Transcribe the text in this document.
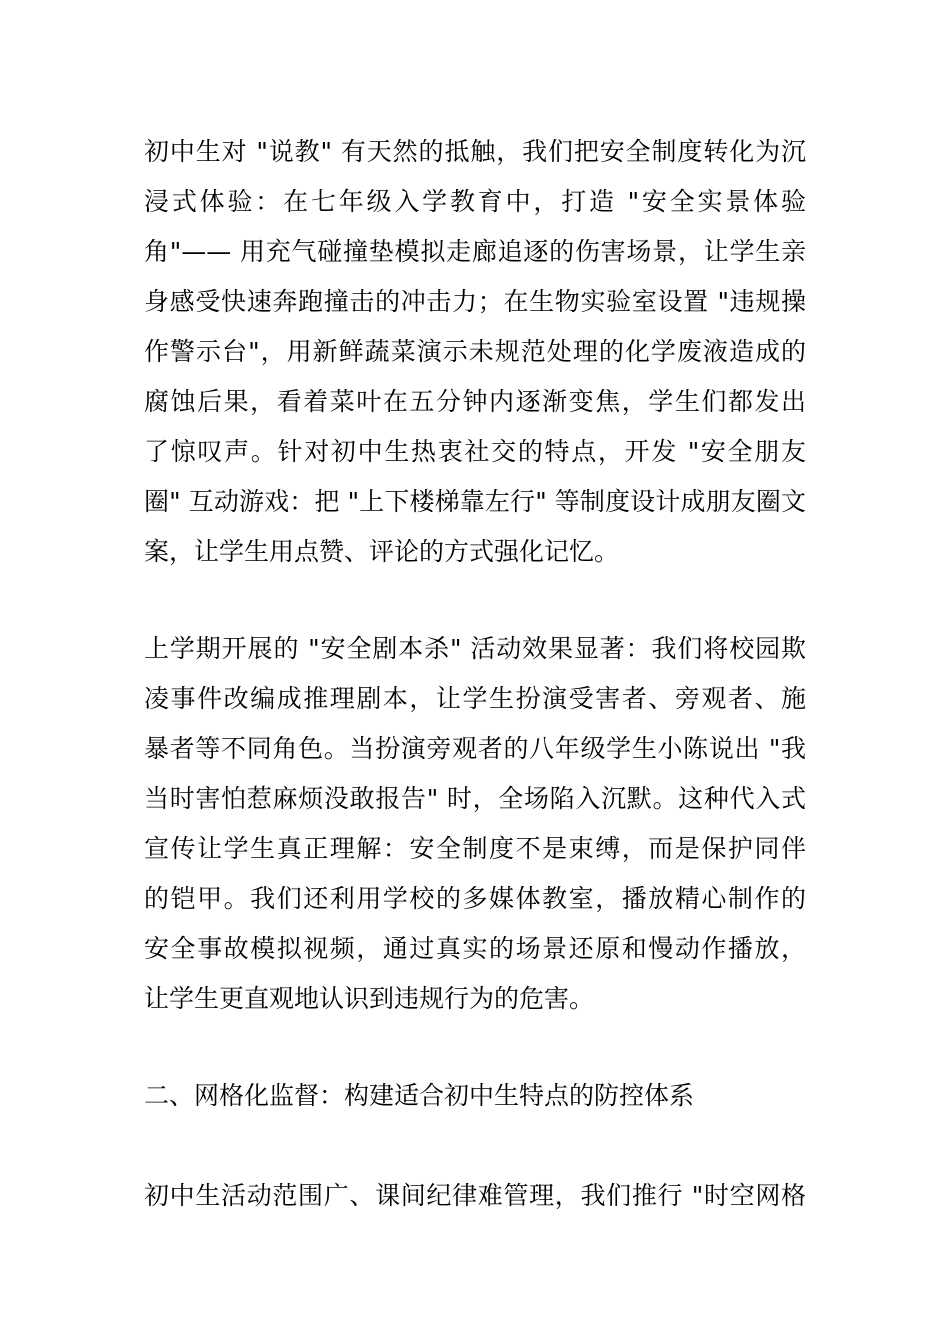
初中生对 "说教" 有天然的抵触，我们把安全制度转化为沉
浸式体验：在七年级入学教育中，打造 "安全实景体验
角"—— 用充气碰撞垫模拟走廊追逐的伤害场景，让学生亲
身感受快速奔跑撞击的冲击力；在生物实验室设置 "违规操
作警示台"，用新鲜蔬菜演示未规范处理的化学废液造成的
腐蚀后果，看着菜叶在五分钟内逐渐变焦，学生们都发出
了惊叹声。针对初中生热衷社交的特点，开发 "安全朋友
圈" 互动游戏：把 "上下楼梯靠左行" 等制度设计成朋友圈文
案，让学生用点赞、评论的方式强化记忆。
上学期开展的 "安全剧本杀" 活动效果显著：我们将校园欺
凌事件改编成推理剧本，让学生扮演受害者、旁观者、施
暴者等不同角色。当扮演旁观者的八年级学生小陈说出 "我
当时害怕惹麻烦没敢报告" 时，全场陷入沉默。这种代入式
宣传让学生真正理解：安全制度不是束缚，而是保护同伴
的铠甲。我们还利用学校的多媒体教室，播放精心制作的
安全事故模拟视频，通过真实的场景还原和慢动作播放，
让学生更直观地认识到违规行为的危害。
二、网格化监督：构建适合初中生特点的防控体系
初中生活动范围广、课间纪律难管理，我们推行 "时空网格
